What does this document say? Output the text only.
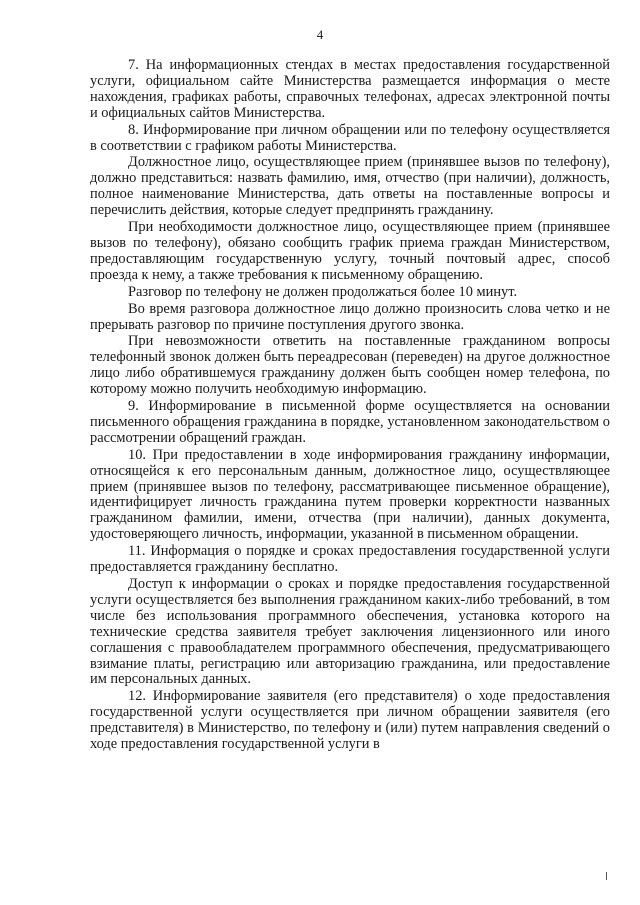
4

7. На информационных стендах в местах предоставления государственной услуги, официальном сайте Министерства размещается информация о месте нахождения, графиках работы, справочных телефонах, адресах электронной почты и официальных сайтов Министерства.

8. Информирование при личном обращении или по телефону осуществляется в соответствии с графиком работы Министерства.

Должностное лицо, осуществляющее прием (принявшее вызов по телефону), должно представиться: назвать фамилию, имя, отчество (при наличии), должность, полное наименование Министерства, дать ответы на поставленные вопросы и перечислить действия, которые следует предпринять гражданину.

При необходимости должностное лицо, осуществляющее прием (принявшее вызов по телефону), обязано сообщить график приема граждан Министерством, предоставляющим государственную услугу, точный почтовый адрес, способ проезда к нему, а также требования к письменному обращению.

Разговор по телефону не должен продолжаться более 10 минут.

Во время разговора должностное лицо должно произносить слова четко и не прерывать разговор по причине поступления другого звонка.

При невозможности ответить на поставленные гражданином вопросы телефонный звонок должен быть переадресован (переведен) на другое должностное лицо либо обратившемуся гражданину должен быть сообщен номер телефона, по которому можно получить необходимую информацию.

9. Информирование в письменной форме осуществляется на основании письменного обращения гражданина в порядке, установленном законодательством о рассмотрении обращений граждан.

10. При предоставлении в ходе информирования гражданину информации, относящейся к его персональным данным, должностное лицо, осуществляющее прием (принявшее вызов по телефону, рассматривающее письменное обращение), идентифицирует личность гражданина путем проверки корректности названных гражданином фамилии, имени, отчества (при наличии), данных документа, удостоверяющего личность, информации, указанной в письменном обращении.

11. Информация о порядке и сроках предоставления государственной услуги предоставляется гражданину бесплатно.

Доступ к информации о сроках и порядке предоставления государственной услуги осуществляется без выполнения гражданином каких-либо требований, в том числе без использования программного обеспечения, установка которого на технические средства заявителя требует заключения лицензионного или иного соглашения с правообладателем программного обеспечения, предусматривающего взимание платы, регистрацию или авторизацию гражданина, или предоставление им персональных данных.

12. Информирование заявителя (его представителя) о ходе предоставления государственной услуги осуществляется при личном обращении заявителя (его представителя) в Министерство, по телефону и (или) путем направления сведений о ходе предоставления государственной услуги в
